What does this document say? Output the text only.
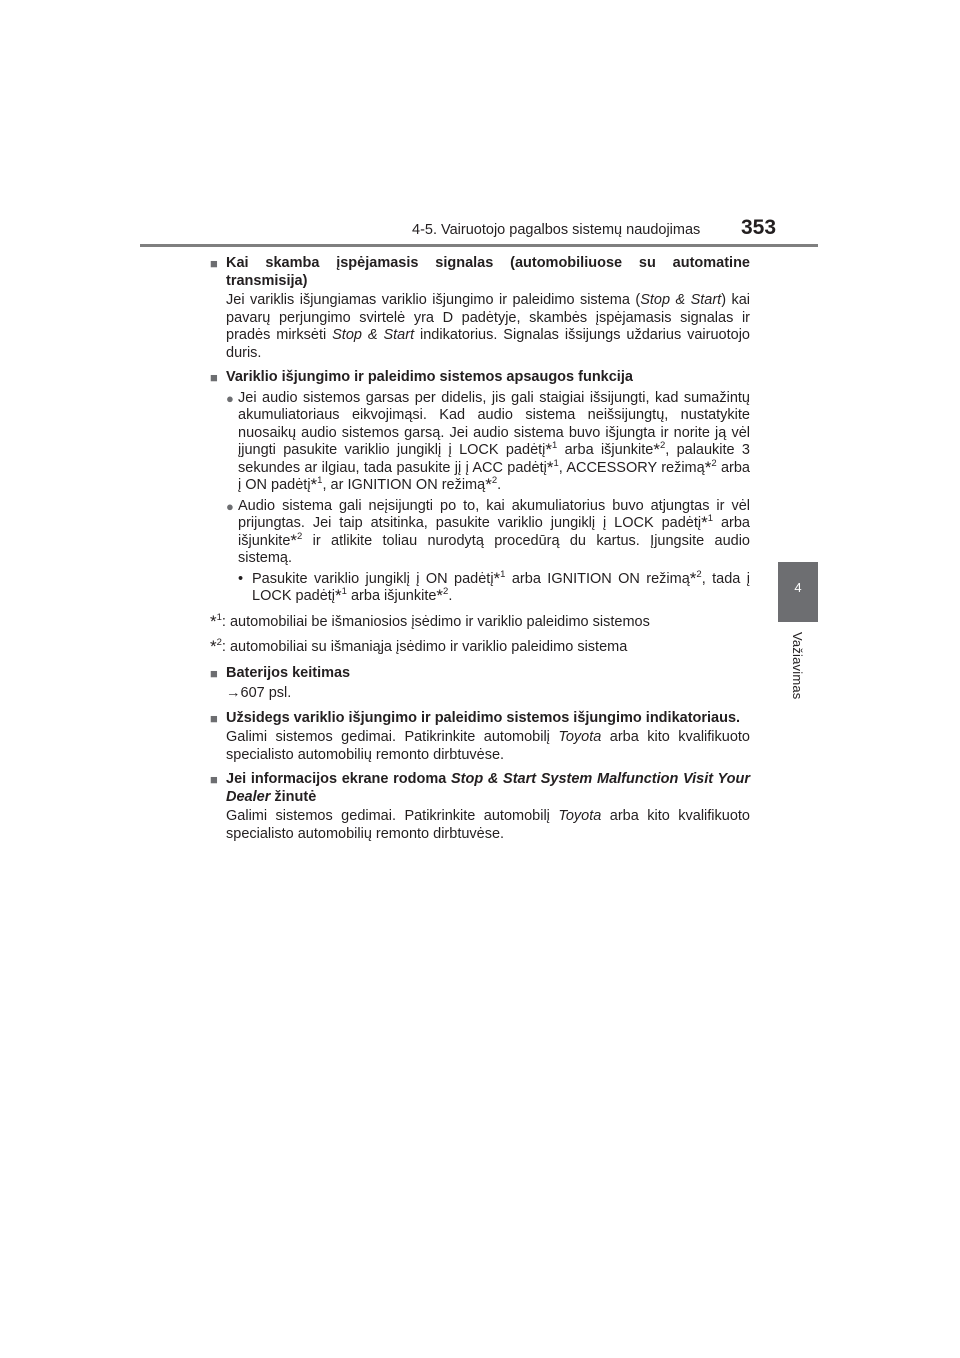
4-5. Vairuotojo pagalbos sistemų naudojimas 353
4
Važiavimas
■ Kai skamba įspėjamasis signalas (automobiliuose su automatine transmisija)
Jei variklis išjungiamas variklio išjungimo ir paleidimo sistema (Stop & Start) kai pavarų perjungimo svirtelė yra D padėtyje, skambės įspėjamasis signalas ir pradės mirksėti Stop & Start indikatorius. Signalas išsijungs uždarius vairuotojo duris.
■ Variklio išjungimo ir paleidimo sistemos apsaugos funkcija
● Jei audio sistemos garsas per didelis, jis gali staigiai išsijungti, kad sumažintų akumuliatoriaus eikvojimąsi. Kad audio sistema neišsijungtų, nustatykite nuosaikų audio sistemos garsą. Jei audio sistema buvo išjungta ir norite ją vėl įjungti pasukite variklio jungiklį į LOCK padėtį*$^1$ arba išjunkite*$^2$, palaukite 3 sekundes ar ilgiau, tada pasukite jį į ACC padėtį*$^1$, ACCESSORY režimą*$^2$ arba į ON padėtį*$^1$, ar IGNITION ON režimą*$^2$.
● Audio sistema gali neįsijungti po to, kai akumuliatorius buvo atjungtas ir vėl prijungtas. Jei taip atsitinka, pasukite variklio jungiklį į LOCK padėtį*$^1$ arba išjunkite*$^2$ ir atlikite toliau nurodytą procedūrą du kartus. Įjungsite audio sistemą.
• Pasukite variklio jungiklį į ON padėtį*$^1$ arba IGNITION ON režimą*$^2$, tada į LOCK padėtį*$^1$ arba išjunkite*$^2$.
*$^1$: automobiliai be išmaniosios įsėdimo ir variklio paleidimo sistemos
*$^2$: automobiliai su išmaniąja įsėdimo ir variklio paleidimo sistema
■ Baterijos keitimas
→607 psl.
■ Užsidegs variklio išjungimo ir paleidimo sistemos išjungimo indikatoriaus.
Galimi sistemos gedimai. Patikrinkite automobilį Toyota arba kito kvalifikuoto specialisto automobilių remonto dirbtuvėse.
■ Jei informacijos ekrane rodoma Stop & Start System Malfunction Visit Your Dealer žinutė
Galimi sistemos gedimai. Patikrinkite automobilį Toyota arba kito kvalifikuoto specialisto automobilių remonto dirbtuvėse.
